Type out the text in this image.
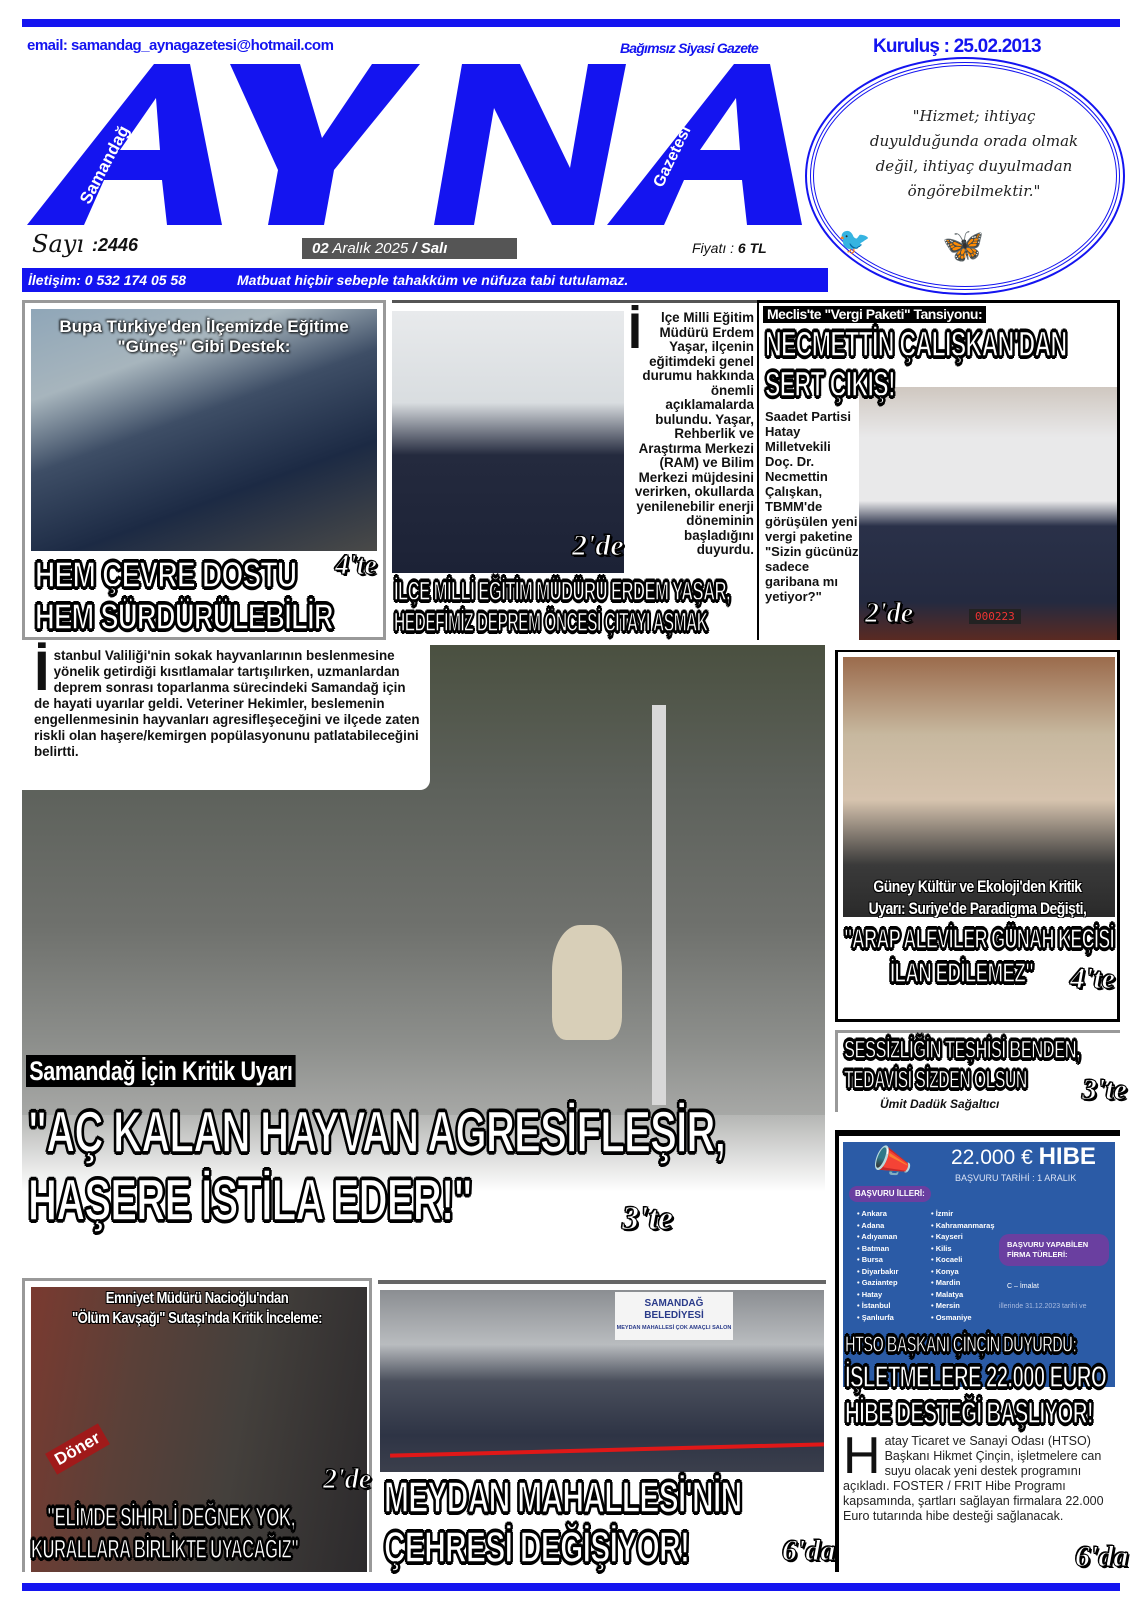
email: samandag_aynagazetesi@hotmail.com	Bağımsız Siyasi Gazete	Kuruluş : 25.02.2013
Samandağ	Gazetesi
"Hizmet; ihtiyaç duyulduğunda orada olmak değil, ihtiyaç duyulmadan öngörebilmektir."
🦋
🐦
Sayı :2446	02 Aralık 2025 / Salı	Fiyatı : 6 TL
İletişim: 0 532 174 05 58	Matbuat hiçbir sebeple tahakküm ve nüfuza tabi tutulamaz.
Bupa Türkiye'den İlçemizde Eğitime "Güneş" Gibi Destek:
HEM ÇEVRE DOSTU
HEM SÜRDÜRÜLEBİLİR
4'te
İ lçe Milli Eğitim Müdürü Erdem Yaşar, ilçenin eğitimdeki genel durumu hakkında önemli açıklamalarda bulundu. Yaşar, Rehberlik ve Araştırma Merkezi (RAM) ve Bilim Merkezi müjdesini verirken, okullarda yenilenebilir enerji döneminin başladığını duyurdu.
2'de
İLÇE MİLLİ EĞİTİM MÜDÜRÜ ERDEM YAŞAR,
HEDEFİMİZ DEPREM ÖNCESİ ÇITAYI AŞMAK	000223
Meclis'te "Vergi Paketi" Tansiyonu:
NECMETTİN ÇALIŞKAN'DAN
SERT ÇIKIŞ!
Saadet Partisi Hatay Milletvekili Doç. Dr. Necmettin Çalışkan, TBMM'de görüşülen yeni vergi paketine "Sizin gücünüz sadece garibana mı yetiyor?"
2'de
İstanbul Valiliği'nin sokak hayvanlarının beslenmesine yönelik getirdiği kısıtlamalar tartışılırken, uzmanlardan deprem sonrası toparlanma sürecindeki Samandağ için de hayati uyarılar geldi. Veteriner Hekimler, beslemenin engellenmesinin hayvanları agresifleşeceğini ve ilçede zaten riskli olan haşere/kemirgen popülasyonunu patlatabileceğini belirtti.
Samandağ İçin Kritik Uyarı
"AÇ KALAN HAYVAN AGRESİFLEŞİR,
HAŞERE İSTİLA EDER!"	3'te
Güney Kültür ve Ekoloji'den Kritik
Uyarı: Suriye'de Paradigma Değişti,
"ARAP ALEVİLER GÜNAH KEÇİSİ
İLAN EDİLEMEZ" 4'te
SESSİZLİĞİN TEŞHİSİ BENDEN,
TEDAVİSİ SİZDEN OLSUN
Ümit Dadük Sağaltıcı	3'te
📣 22.000 € HIBE
BAŞVURU TARİHİ : 1 ARALIK
BAŞVURU İLLERİ:
• Ankara
• Adana
• Adıyaman
• Batman
• Bursa
• Diyarbakır
• Gaziantep
• Hatay
• İstanbul
• Şanlıurfa
• İzmir
• Kahramanmaraş
• Kayseri
• Kilis
• Kocaeli
• Konya
• Mardin
• Malatya
• Mersin
• Osmaniye
BAŞVURU YAPABİLEN FİRMA TÜRLERİ:
C – İmalat
illerinde 31.12.2023 tarihi ve
HTSO BAŞKANI ÇİNÇİN DUYURDU:
İŞLETMELERE 22.000 EURO
HİBE DESTEĞİ BAŞLIYOR!
Hatay Ticaret ve Sanayi Odası (HTSO) Başkanı Hikmet Çinçin, işletmelere can suyu olacak yeni destek programını açıkladı. FOSTER / FRIT Hibe Programı kapsamında, şartları sağlayan firmalara 22.000 Euro tutarında hibe desteği sağlanacak.
6'da
Döner
Emniyet Müdürü Nacioğlu'ndan
"Ölüm Kavşağı" Sutaşı'nda Kritik İnceleme:
2'de
"ELİMDE SİHİRLİ DEĞNEK YOK,
KURALLARA BİRLİKTE UYACAĞIZ"
SAMANDAĞ BELEDİYESİ
MEYDAN MAHALLESİ ÇOK AMAÇLI SALON
MEYDAN MAHALLESİ'NİN
ÇEHRESİ DEĞİŞİYOR!	6'da
